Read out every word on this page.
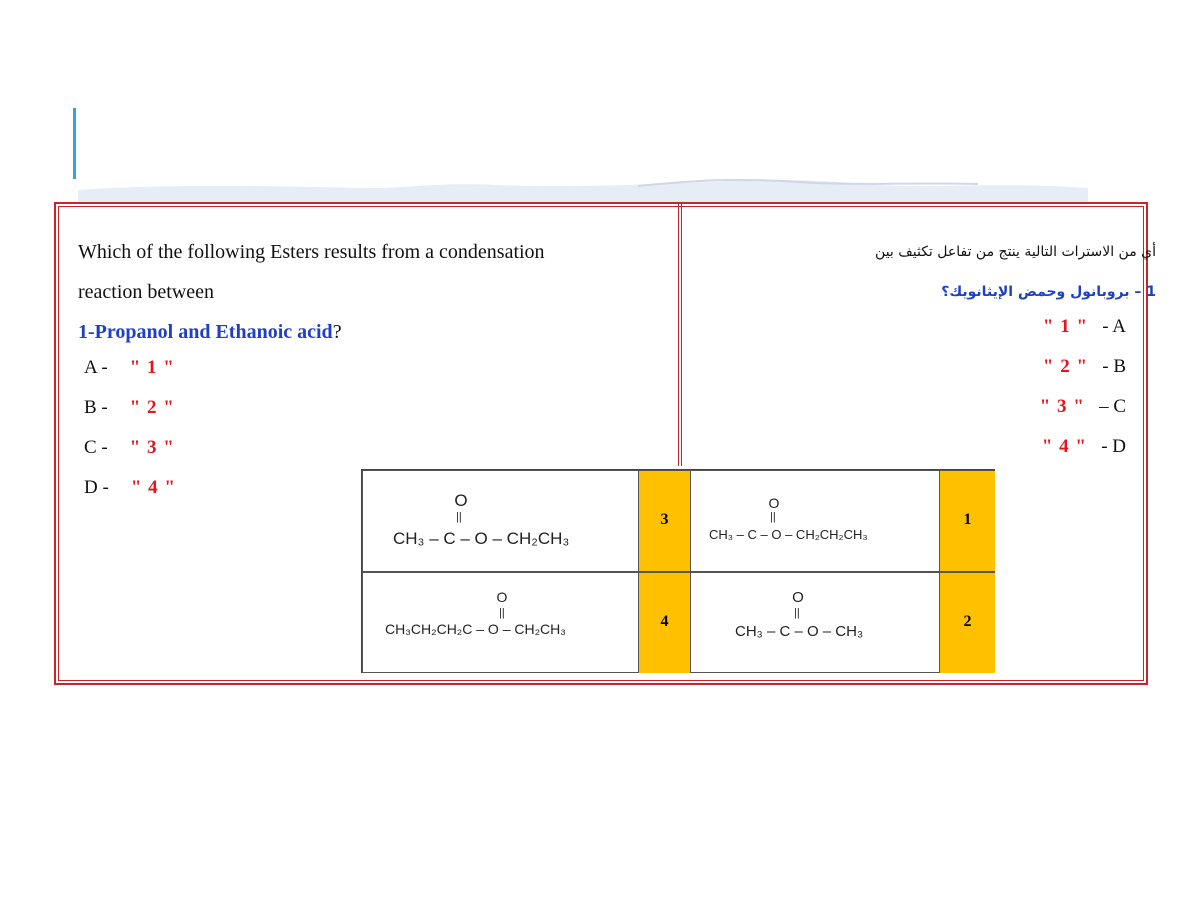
Which of the following Esters results from a condensation
reaction between
1-Propanol and Ethanoic acid?
A - " 1 "
B - " 2 "
C - " 3 "
D - " 4 "
أي من الاسترات التالية ينتج من تفاعل تكثيف بين
1 – بروبانول وحمض الإيثانويك؟
" 1 " - A
" 2 " - B
" 3 " – C
" 4 " - D
O
||
CH₃ – C – O – CH₂CH₃
3
O
||
CH₃ – C – O – CH₂CH₂CH₃
1
O
||
CH₃CH₂CH₂C – O – CH₂CH₃	4
O
||
CH₃ – C – O – CH₃
2
